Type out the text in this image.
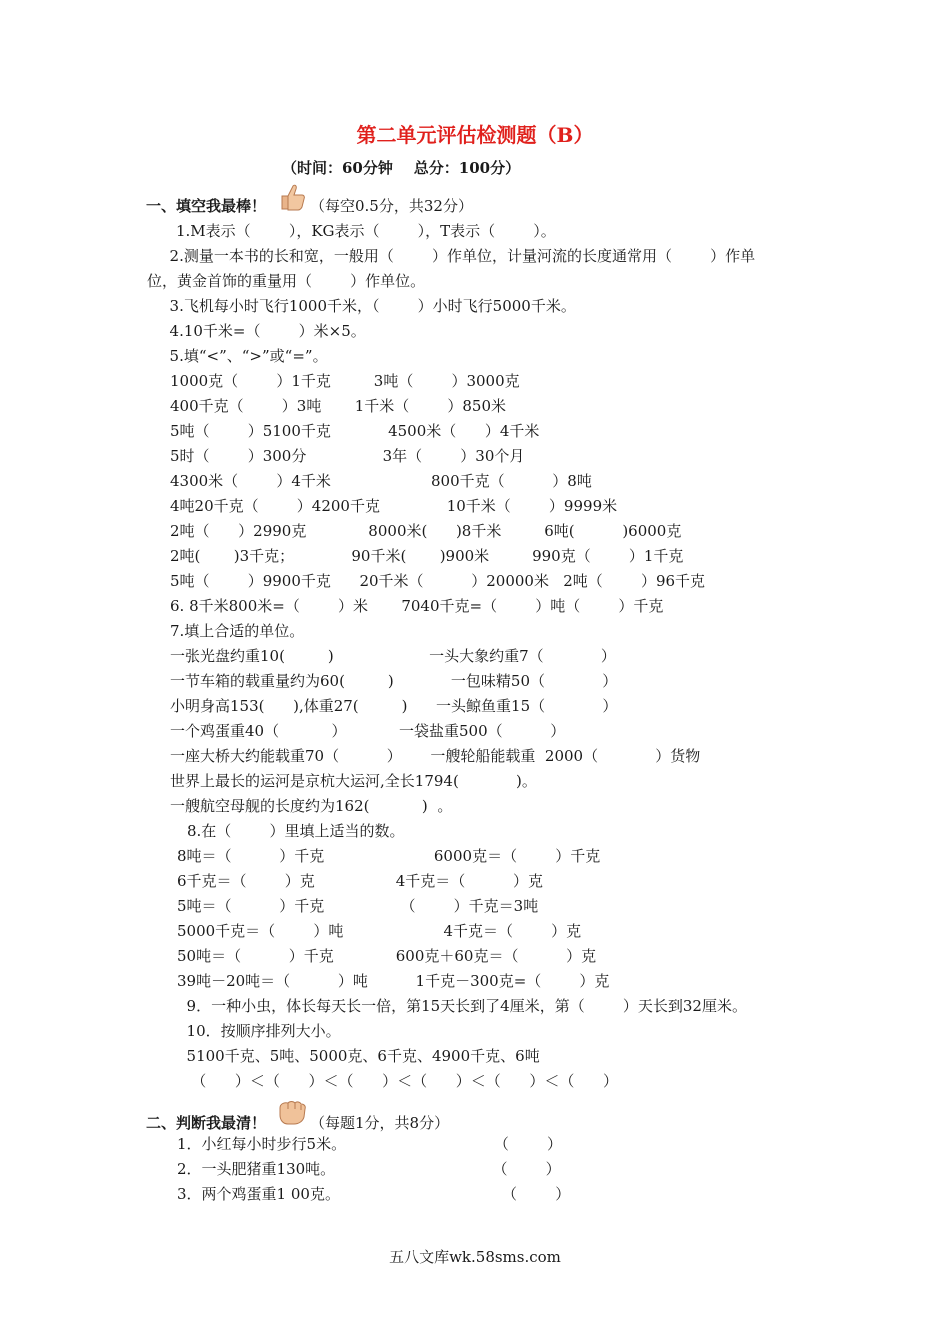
第二单元评估检测题（B）
（时间：60分钟    总分：100分）
一、填空我最棒！	（每空0.5分，共32分）
1.M表示（        ），KG表示（        ），T表示（        ）。
2.测量一本书的长和宽，一般用（        ）作单位，计量河流的长度通常用（        ）作单
位，黄金首饰的重量用（        ）作单位。
3.飞机每小时飞行1000千米，（        ）小时飞行5000千米。
4.10千米=（        ）米×5。
5.填“<”、“>”或“=”。
1000克（        ）1千克         3吨（        ）3000克
400千克（        ）3吨       1千米（        ）850米
5吨（        ）5100千克            4500米（      ）4千米
5时（        ）300分                3年（        ）30个月
4300米（        ）4千米                     800千克（          ）8吨
4吨20千克（        ）4200千克              10千米（        ）9999米
2吨（      ）2990克             8000米(      )8千米         6吨(          )6000克
2吨(       )3千克；            90千米(       )900米         990克（        ）1千克
5吨（        ）9900千克      20千米（          ）20000米   2吨（        ）96千克
6. 8千米800米=（        ）米       7040千克=（        ）吨（        ）千克
7.填上合适的单位。
一张光盘约重10(         )                    一头大象约重7（            ）
一节车箱的载重量约为60(         )            一包味精50（            ）
小明身高153(      ),体重27(         )      一头鲸鱼重15（            ）
一个鸡蛋重40（           ）           一袋盐重500（          ）
一座大桥大约能载重70（          ）      一艘轮船能载重  2000（            ）货物
世界上最长的运河是京杭大运河,全长1794(            )。
一艘航空母舰的长度约为162(           )  。
8.在（        ）里填上适当的数。
8吨＝（          ）千克                       6000克＝（        ）千克
6千克＝（        ）克                 4千克＝（          ）克
5吨＝（          ）千克                （        ）千克＝3吨
5000千克＝（        ）吨                     4千克＝（        ）克
50吨＝（          ）千克             600克＋60克＝（          ）克
39吨－20吨＝（          ）吨          1千克－300克=（        ）克
9．一种小虫，体长每天长一倍，第15天长到了4厘米，第（        ）天长到32厘米。
10．按顺序排列大小。
5100千克、5吨、5000克、6千克、4900千克、6吨
（      ）＜（      ）＜（      ）＜（      ）＜（      ）＜（      ）
二、判断我最清！	（每题1分，共8分）
1．小红每小时步行5米。                               （        ）
2．一头肥猪重130吨。                                 （        ）
3．两个鸡蛋重1 00克。                                  （        ）
五八文库wk.58sms.com
